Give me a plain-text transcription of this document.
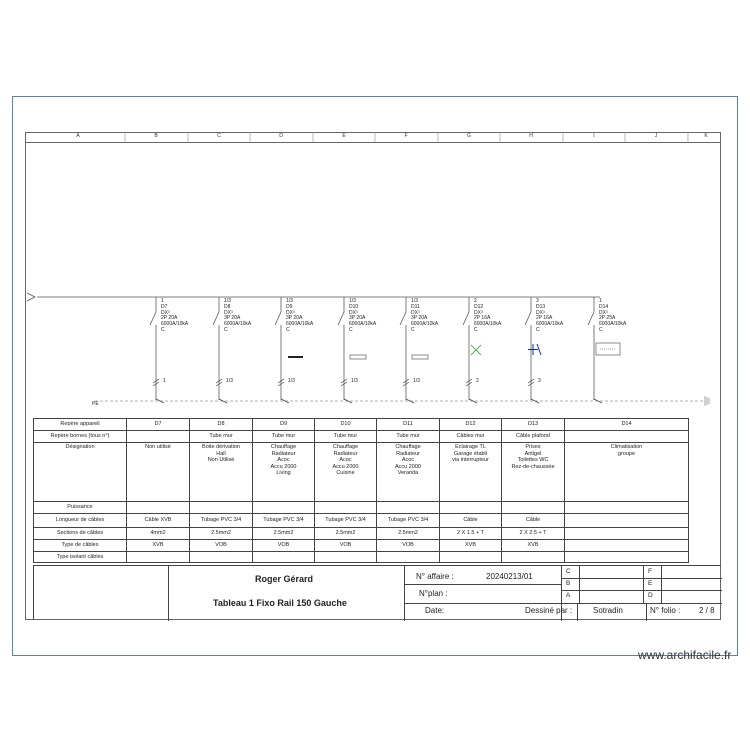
A	B	C	D	E	F	G	H	I	J	K
1
D7
DX³
2P 20A
6000A/10kA
C
1
1/3
D8
DX³
3P 20A
6000A/10kA
C
1/3
1/3
D9
DX³
3P 20A
6000A/10kA
C
1/3
1/3
D10
DX³
3P 20A
6000A/10kA
C
1/3
1/3
D11
DX³
3P 20A
6000A/10kA
C
1/3
2
D12
DX³
2P 16A
6000A/10kA
C
2
3
D13
DX³
2P 16A
6000A/10kA
C
3
1
D14
DX³
2P 25A
6000A/10kA
C
PE
Repère appareil	D7	D8	D9	D10	D11	D12	D13	D14
Repère bornes (tous n°)		Tube mur	Tube mur	Tube mur	Tube mur	Câbles mur	Câble plafond	
Désignation	Non utilisé	Boite dérivation
Hall
Non Utilisé	Chauffage
Radiateur
Acoc
Accu 2000
Living	Chauffage
Radiateur
Acoc
Accu 2000
Cuisine	Chauffage
Radiateur
Acoc
Accu 2000
Veranda	Eclairage TL
Garage établi
via interrupteur	Prises
Antigel
Toilettes WC
Rez-de-chaussée	Climatisation
groupe
Puissance								
Longueur de câbles	Câble XVB	Tubage PVC 3/4	Tubage PVC 3/4	Tubage PVC 3/4	Tubage PVC 3/4	Câble	Câble	
Sections de câbles	4mm2	2.5mm2	2.5mm2	2.5mm2	2.5mm2	2 X 1.5 + T	2 X 2.5 + T	
Type de câbles	XVB	VOB	VOB	VOB	VOB	XVB	XVB	
Type isolant câbles								
Roger Gérard
Tableau 1 Fixo Rail 150 Gauche
N° affaire :	20240213/01
N°plan :
Date:	Dessiné par :	Sotradin	N° folio : 2 / 8
C
B
A
F
E
D
www.archifacile.fr
